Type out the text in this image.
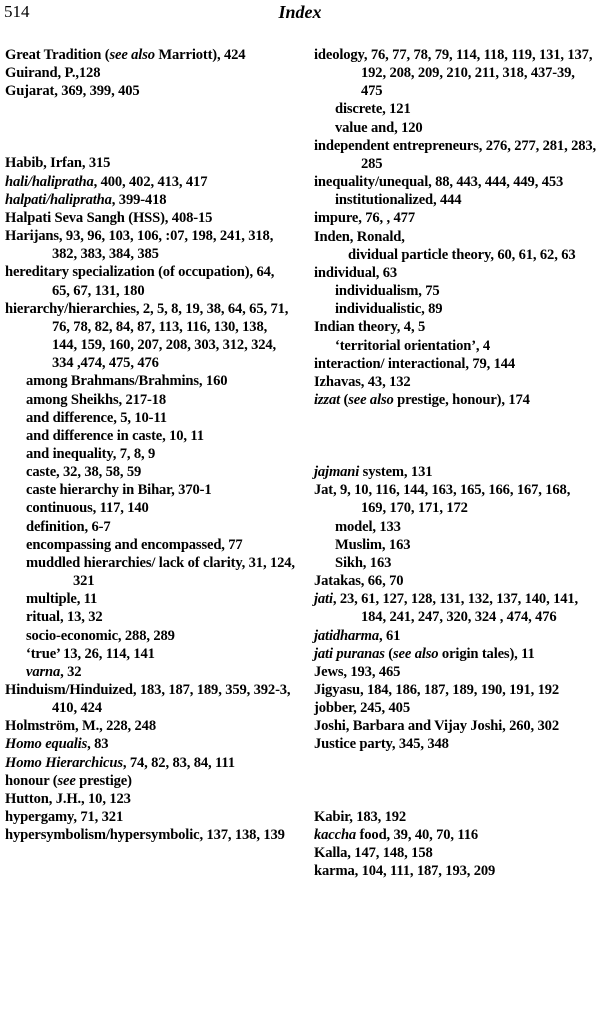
514	Index
Great Tradition (see also Marriott), 424
Guirand, P.,128
Gujarat, 369, 399, 405
Habib, Irfan, 315
hali/halipratha, 400, 402, 413, 417
halpati/halipratha, 399-418
Halpati Seva Sangh (HSS), 408-15
Harijans, 93, 96, 103, 106, :07, 198, 241, 318, 382, 383, 384, 385
hereditary specialization (of occupation), 64, 65, 67, 131, 180
hierarchy/hierarchies, 2, 5, 8, 19, 38, 64, 65, 71, 76, 78, 82, 84, 87, 113, 116, 130, 138, 144, 159, 160, 207, 208, 303, 312, 324, 334 ,474, 475, 476
among Brahmans/Brahmins, 160
among Sheikhs, 217-18
and difference, 5, 10-11
and difference in caste, 10, 11
and inequality, 7, 8, 9
caste, 32, 38, 58, 59
caste hierarchy in Bihar, 370-1
continuous, 117, 140
definition, 6-7
encompassing and encompassed, 77
muddled hierarchies/ lack of clarity, 31, 124, 321
multiple, 11
ritual, 13, 32
socio-economic, 288, 289
‘true’ 13, 26, 114, 141
varna, 32
Hinduism/Hinduized, 183, 187, 189, 359, 392-3, 410, 424
Holmström, M., 228, 248
Homo equalis, 83
Homo Hierarchicus, 74, 82, 83, 84, 111
honour (see prestige)
Hutton, J.H., 10, 123
hypergamy, 71, 321
hypersymbolism/hypersymbolic, 137, 138, 139
ideology, 76, 77, 78, 79, 114, 118, 119, 131, 137, 192, 208, 209, 210, 211, 318, 437-39, 475
discrete, 121
value and, 120
independent entrepreneurs, 276, 277, 281, 283, 285
inequality/unequal, 88, 443, 444, 449, 453
institutionalized, 444
impure, 76, , 477
Inden, Ronald,
dividual particle theory, 60, 61, 62, 63
individual, 63
individualism, 75
individualistic, 89
Indian theory, 4, 5
‘territorial orientation’, 4
interaction/ interactional, 79, 144
Izhavas, 43, 132
izzat (see also prestige, honour), 174
jajmani system, 131
Jat, 9, 10, 116, 144, 163, 165, 166, 167, 168, 169, 170, 171, 172
model, 133
Muslim, 163
Sikh, 163
Jatakas, 66, 70
jati, 23, 61, 127, 128, 131, 132, 137, 140, 141, 184, 241, 247, 320, 324 , 474, 476
jatidharma, 61
jati puranas (see also origin tales), 11
Jews, 193, 465
Jigyasu, 184, 186, 187, 189, 190, 191, 192
jobber, 245, 405
Joshi, Barbara and Vijay Joshi, 260, 302
Justice party, 345, 348
Kabir, 183, 192
kaccha food, 39, 40, 70, 116
Kalla, 147, 148, 158
karma, 104, 111, 187, 193, 209
